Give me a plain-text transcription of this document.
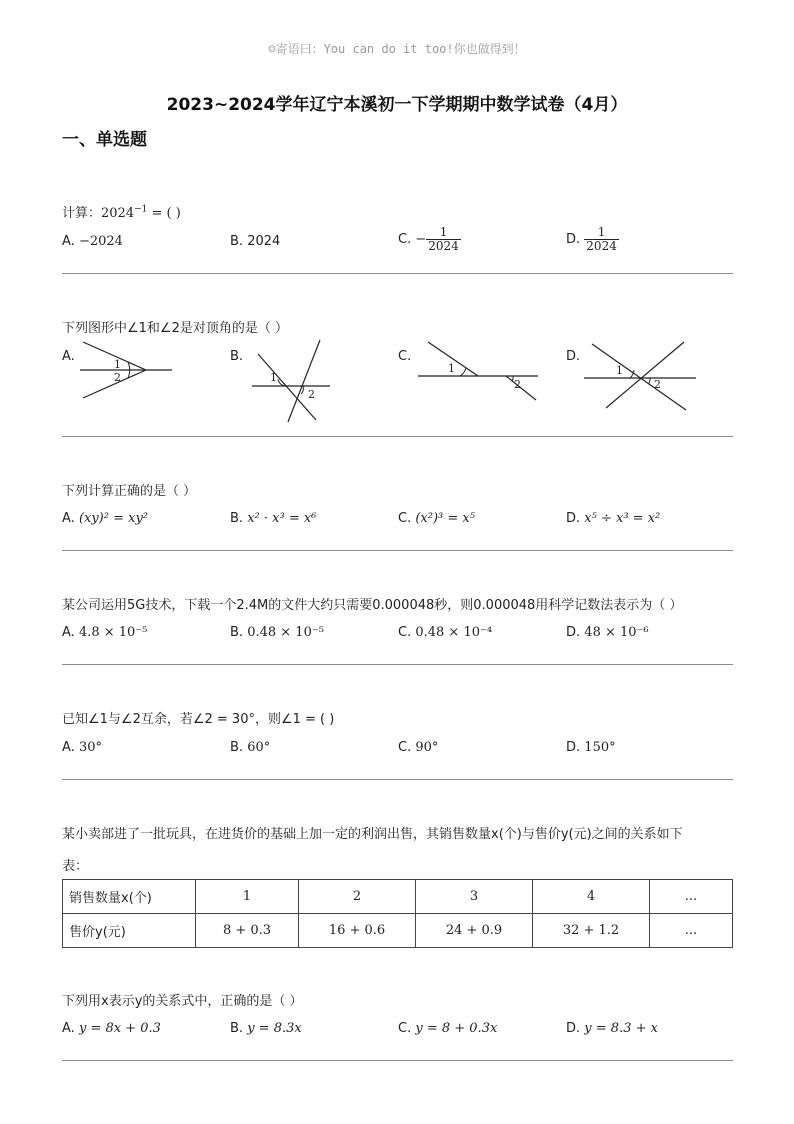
☺寄语曰：You can do it too!你也做得到！
2023~2024学年辽宁本溪初一下学期期中数学试卷（4月）
一、单选题
计算：$2024^{-1}$ = ( )
A. −2024	B. 2024	C. − $\frac{1}{2024}$	D. $\frac{1}{2024}$
下列图形中∠1和∠2是对顶角的是（ ）
A.	B.	C.	D.
1
2	1
2
1
2
1
2
下列计算正确的是（ ）
A. (xy)² = xy²	B. x² · x³ = x⁶	C. (x²)³ = x⁵	D. x⁵ ÷ x³ = x²
某公司运用5G技术，下载一个2.4M的文件大约只需要0.000048秒，则0.000048用科学记数法表示为（ ）
A. 4.8 × 10⁻⁵	B. 0.48 × 10⁻⁵	C. 0.48 × 10⁻⁴	D. 48 × 10⁻⁶
已知∠1与∠2互余，若∠2 = 30°，则∠1 = ( )
A. 30°	B. 60°	C. 90°	D. 150°
某小卖部进了一批玩具，在进货价的基础上加一定的利润出售，其销售数量x(个)与售价y(元)之间的关系如下
表：
销售数量x(个)	1	2	3	4	...
售价y(元)	8 + 0.3	16 + 0.6	24 + 0.9	32 + 1.2	...
下列用x表示y的关系式中，正确的是（ ）
A. y = 8x + 0.3	B. y = 8.3x	C. y = 8 + 0.3x	D. y = 8.3 + x
